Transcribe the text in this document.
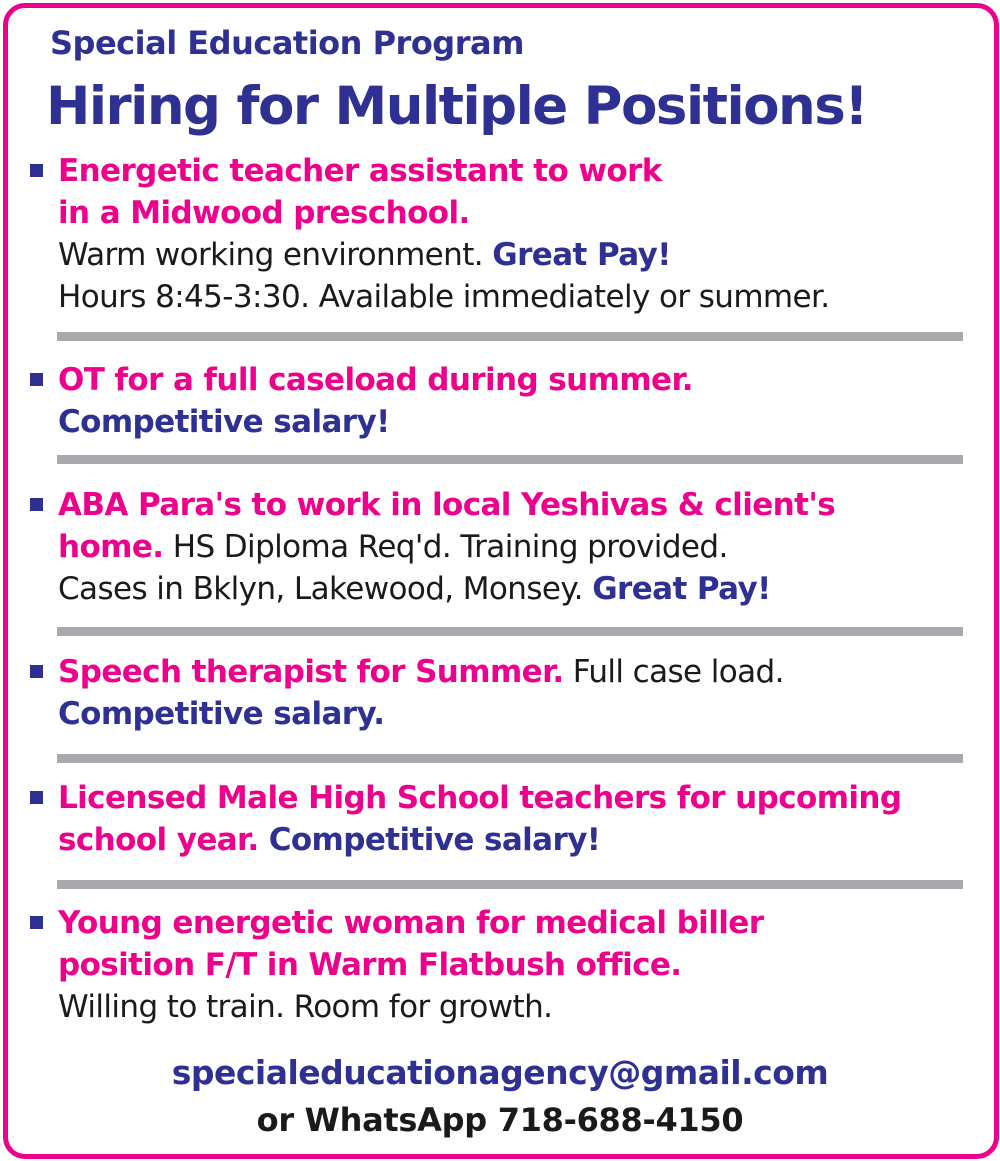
Special Education Program
Hiring for Multiple Positions!
Energetic teacher assistant to work
in a Midwood preschool.
Warm working environment. Great Pay!
Hours 8:45-3:30. Available immediately or summer.
OT for a full caseload during summer.
Competitive salary!
ABA Para's to work in local Yeshivas & client's
home. HS Diploma Req'd. Training provided.
Cases in Bklyn, Lakewood, Monsey. Great Pay!
Speech therapist for Summer. Full case load.
Competitive salary.
Licensed Male High School teachers for upcoming
school year. Competitive salary!
Young energetic woman for medical biller
position F/T in Warm Flatbush office.
Willing to train. Room for growth.
specialeducationagency@gmail.com
or WhatsApp 718-688-4150
